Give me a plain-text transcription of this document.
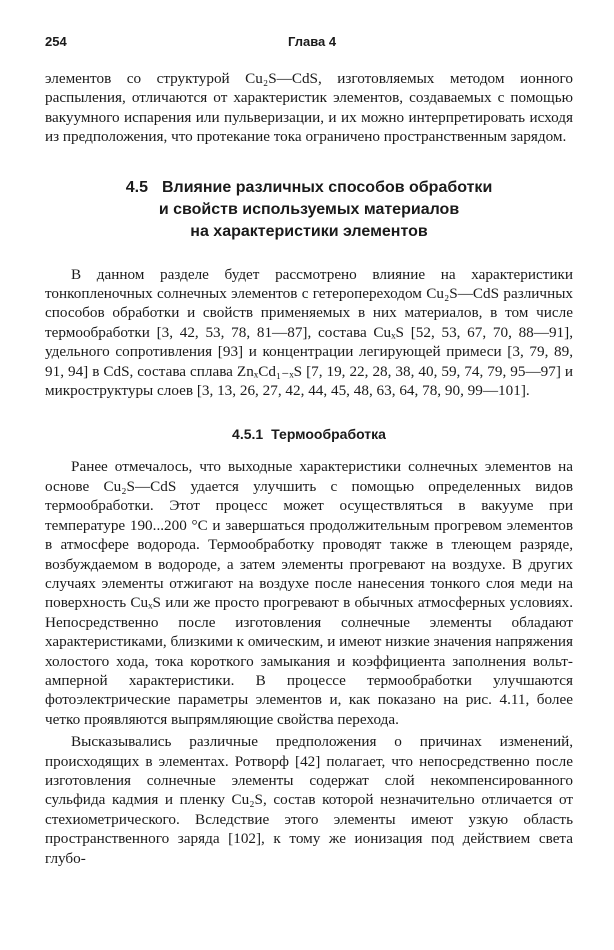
254	Глава 4

элементов со структурой Cu₂S—CdS, изготовляемых методом ионного распыления, отличаются от характеристик элементов, создаваемых с помощью вакуумного испарения или пульверизации, и их можно интерпретировать исходя из предположения, что протекание тока ограничено пространственным зарядом.

4.5 Влияние различных способов обработки
и свойств используемых материалов
на характеристики элементов

В данном разделе будет рассмотрено влияние на характеристики тонкопленочных солнечных элементов с гетеропереходом Cu₂S—CdS различных способов обработки и свойств применяемых в них материалов, в том числе термообработки [3, 42, 53, 78, 81—87], состава CuₓS [52, 53, 67, 70, 88—91], удельного сопротивления [93] и концентрации легирующей примеси [3, 79, 89, 91, 94] в CdS, состава сплава ZnₓCd₁₋ₓS [7, 19, 22, 28, 38, 40, 59, 74, 79, 95—97] и микроструктуры слоев [3, 13, 26, 27, 42, 44, 45, 48, 63, 64, 78, 90, 99—101].

4.5.1 Термообработка

Ранее отмечалось, что выходные характеристики солнечных элементов на основе Cu₂S—CdS удается улучшить с помощью определенных видов термообработки. Этот процесс может осуществляться в вакууме при температуре 190...200 °С и завершаться продолжительным прогревом элементов в атмосфере водорода. Термообработку проводят также в тлеющем разряде, возбуждаемом в водороде, а затем элементы прогревают на воздухе. В других случаях элементы отжигают на воздухе после нанесения тонкого слоя меди на поверхность CuₓS или же просто прогревают в обычных атмосферных условиях. Непосредственно после изготовления солнечные элементы обладают характеристиками, близкими к омическим, и имеют низкие значения напряжения холостого хода, тока короткого замыкания и коэффициента заполнения вольт-амперной характеристики. В процессе термообработки улучшаются фотоэлектрические параметры элементов и, как показано на рис. 4.11, более четко проявляются выпрямляющие свойства перехода.

Высказывались различные предположения о причинах изменений, происходящих в элементах. Ротворф [42] полагает, что непосредственно после изготовления солнечные элементы содержат слой некомпенсированного сульфида кадмия и пленку Cu₂S, состав которой незначительно отличается от стехиометрического. Вследствие этого элементы имеют узкую область пространственного заряда [102], к тому же ионизация под действием света глубо-
